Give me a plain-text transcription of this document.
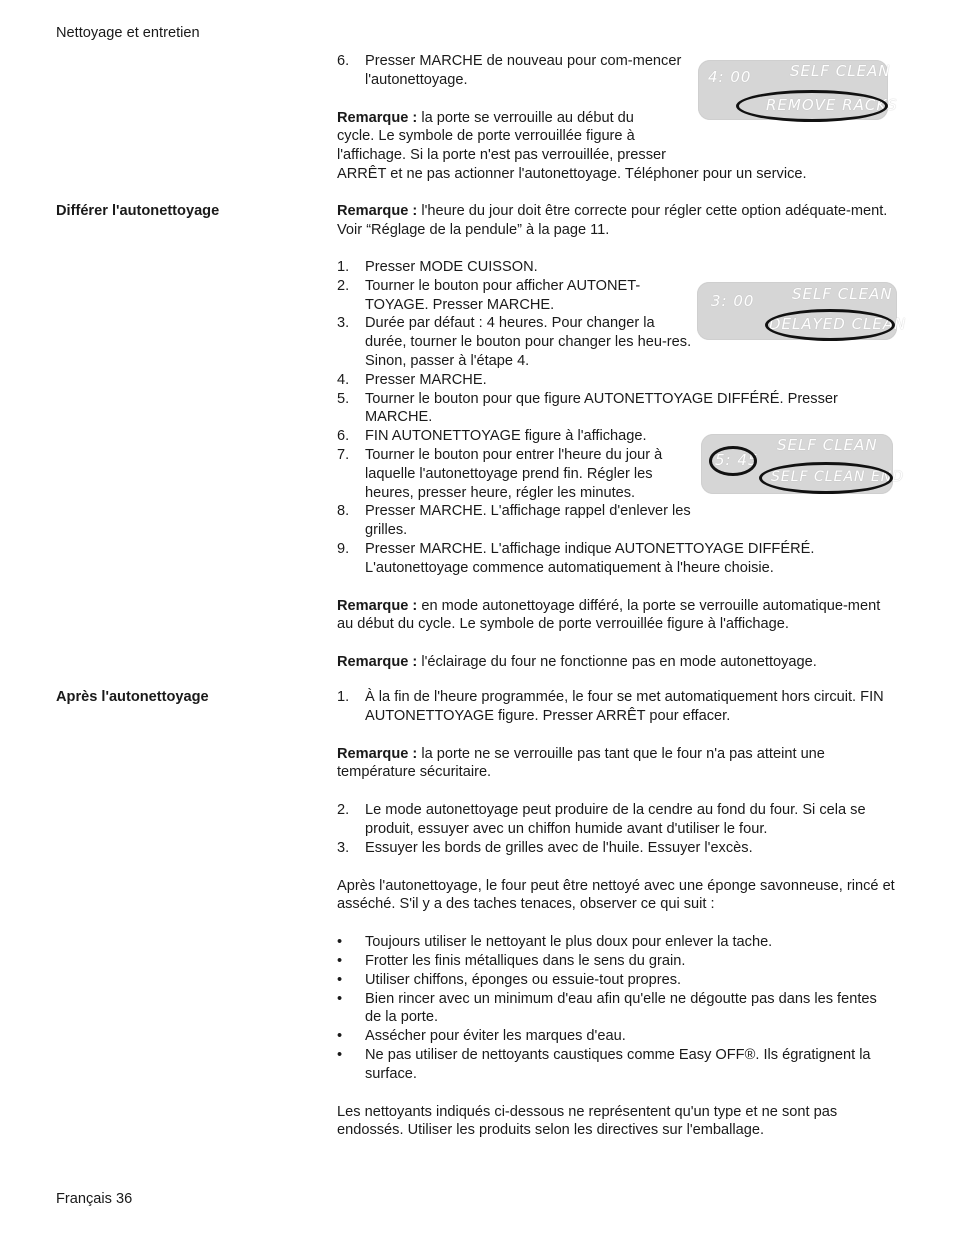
Nettoyage et entretien
Français 36
4: 00	SELF CLEAN
REMOVE RACKS
6. Presser MARCHE de nouveau pour com-mencer l'autonettoyage.

Remarque : la porte se verrouille au début du cycle. Le symbole de porte verrouillée figure à l'affichage. Si la porte n'est pas verrouillée, presser ARRÊT et ne pas actionner l'autonettoyage. Téléphoner pour un service.

Différer l'autonettoyage	Remarque : l'heure du jour doit être correcte pour régler cette option adéquate-ment. Voir “Réglage de la pendule” à la page 11.

3: 00	SELF CLEAN
DELAYED CLEAN
SELF CLEAN
5: 45
SELF CLEAN END
1. Presser MODE CUISSON.
2. Tourner le bouton pour afficher AUTONET-TOYAGE. Presser MARCHE.
3. Durée par défaut : 4 heures. Pour changer la durée, tourner le bouton pour changer les heu-res. Sinon, passer à l'étape 4.
4. Presser MARCHE.
5. Tourner le bouton pour que figure AUTONETTOYAGE DIFFÉRÉ. Presser MARCHE.
6. FIN AUTONETTOYAGE figure à l'affichage.
7. Tourner le bouton pour entrer l'heure du jour à laquelle l'autonettoyage prend fin. Régler les heures, presser heure, régler les minutes.
8. Presser MARCHE. L'affichage rappel d'enlever les grilles.
9. Presser MARCHE. L'affichage indique AUTONETTOYAGE DIFFÉRÉ. L'autonettoyage commence automatiquement à l'heure choisie.

Remarque : en mode autonettoyage différé, la porte se verrouille automatique-ment au début du cycle. Le symbole de porte verrouillée figure à l'affichage.

Remarque : l'éclairage du four ne fonctionne pas en mode autonettoyage.

Après l'autonettoyage	1. À la fin de l'heure programmée, le four se met automatiquement hors circuit. FIN AUTONETTOYAGE figure. Presser ARRÊT pour effacer.

Remarque : la porte ne se verrouille pas tant que le four n'a pas atteint une température sécuritaire.

2. Le mode autonettoyage peut produire de la cendre au fond du four. Si cela se produit, essuyer avec un chiffon humide avant d'utiliser le four.
3. Essuyer les bords de grilles avec de l'huile. Essuyer l'excès.

Après l'autonettoyage, le four peut être nettoyé avec une éponge savonneuse, rincé et asséché. S'il y a des taches tenaces, observer ce qui suit :

• Toujours utiliser le nettoyant le plus doux pour enlever la tache.
• Frotter les finis métalliques dans le sens du grain.
• Utiliser chiffons, éponges ou essuie-tout propres.
• Bien rincer avec un minimum d'eau afin qu'elle ne dégoutte pas dans les fentes de la porte.
• Assécher pour éviter les marques d'eau.
• Ne pas utiliser de nettoyants caustiques comme Easy OFF®. Ils égratignent la surface.

Les nettoyants indiqués ci-dessous ne représentent qu'un type et ne sont pas endossés. Utiliser les produits selon les directives sur l'emballage.
